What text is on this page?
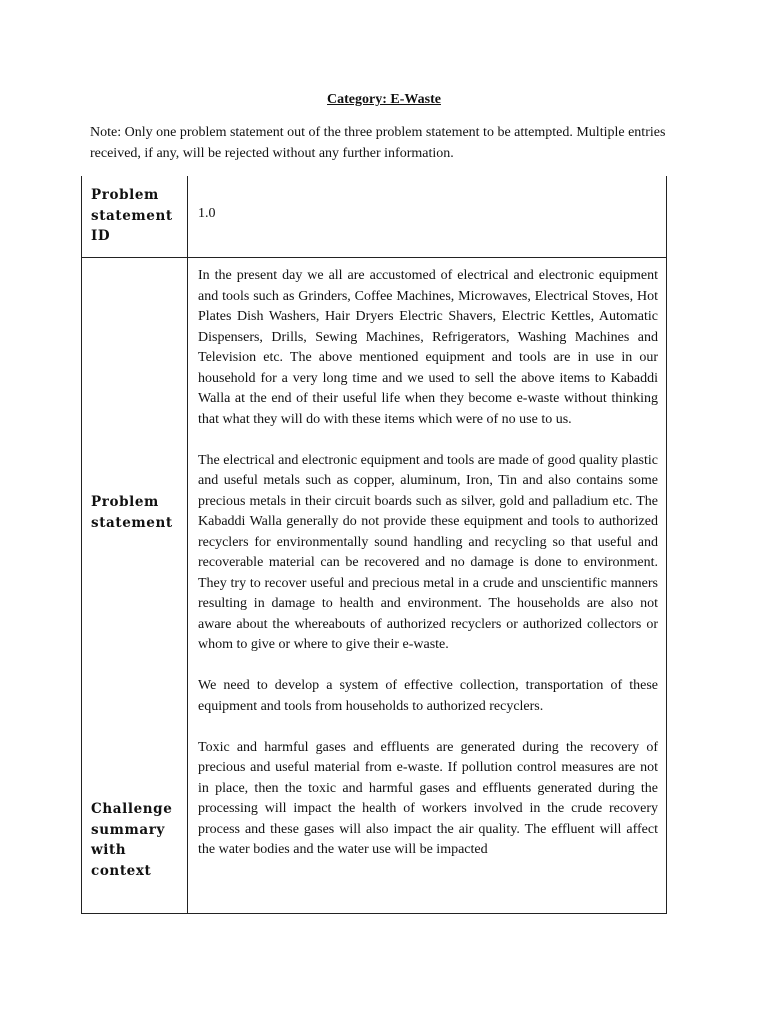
Category: E-Waste
Note: Only one problem statement out of the three problem statement to be attempted. Multiple entries received, if any, will be rejected without any further information.
Problem statement ID
1.0
Problem statement
Challenge summary with context

In the present day we all are accustomed of electrical and electronic equipment and tools such as Grinders, Coffee Machines, Microwaves, Electrical Stoves, Hot Plates Dish Washers, Hair Dryers Electric Shavers, Electric Kettles, Automatic Dispensers, Drills, Sewing Machines, Refrigerators, Washing Machines and Television etc. The above mentioned equipment and tools are in use in our household for a very long time and we used to sell the above items to Kabaddi Walla at the end of their useful life when they become e-waste without thinking that what they will do with these items which were of no use to us.

The electrical and electronic equipment and tools are made of good quality plastic and useful metals such as copper, aluminum, Iron, Tin and also contains some precious metals in their circuit boards such as silver, gold and palladium etc. The Kabaddi Walla generally do not provide these equipment and tools to authorized recyclers for environmentally sound handling and recycling so that useful and recoverable material can be recovered and no damage is done to environment. They try to recover useful and precious metal in a crude and unscientific manners resulting in damage to health and environment. The households are also not aware about the whereabouts of authorized recyclers or authorized collectors or whom to give or where to give their e-waste.

We need to develop a system of effective collection, transportation of these equipment and tools from households to authorized recyclers.

Toxic and harmful gases and effluents are generated during the recovery of precious and useful material from e-waste. If pollution control measures are not in place, then the toxic and harmful gases and effluents generated during the processing will impact the health of workers involved in the crude recovery process and these gases will also impact the air quality. The effluent will affect the water bodies and the water use will be impacted
